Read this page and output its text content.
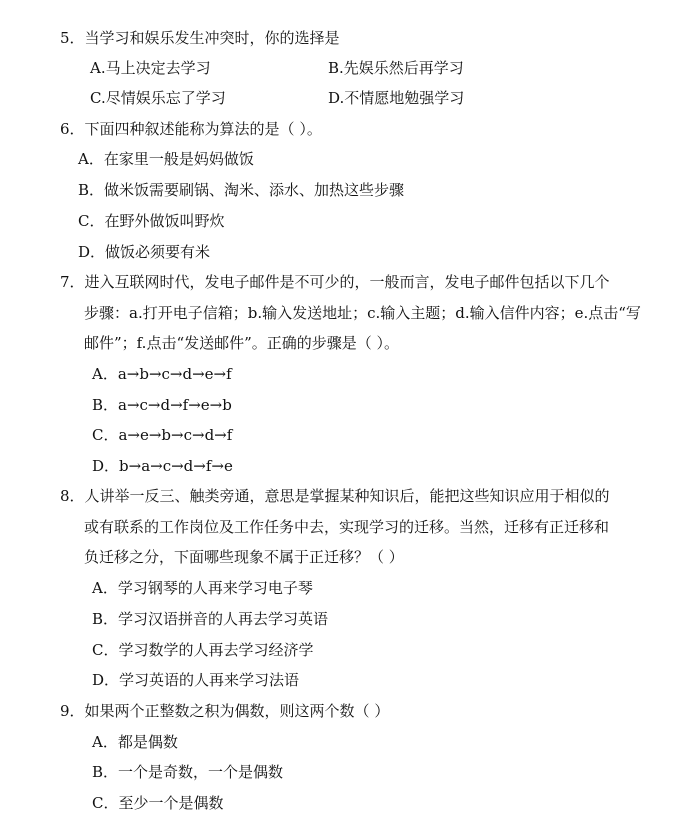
5．当学习和娱乐发生冲突时，你的选择是
A.马上决定去学习	B.先娱乐然后再学习
C.尽情娱乐忘了学习	D.不情愿地勉强学习
6．下面四种叙述能称为算法的是（ ）。
A．在家里一般是妈妈做饭
B．做米饭需要刷锅、淘米、添水、加热这些步骤
C．在野外做饭叫野炊
D．做饭必须要有米
7．进入互联网时代，发电子邮件是不可少的，一般而言，发电子邮件包括以下几个
步骤：a.打开电子信箱；b.输入发送地址；c.输入主题；d.输入信件内容；e.点击“写
邮件”；f.点击“发送邮件”。正确的步骤是（ ）。
A．a→b→c→d→e→f
B．a→c→d→f→e→b
C．a→e→b→c→d→f
D．b→a→c→d→f→e
8．人讲举一反三、触类旁通，意思是掌握某种知识后，能把这些知识应用于相似的
或有联系的工作岗位及工作任务中去，实现学习的迁移。当然，迁移有正迁移和
负迁移之分，下面哪些现象不属于正迁移？（ ）
A．学习钢琴的人再来学习电子琴
B．学习汉语拼音的人再去学习英语
C．学习数学的人再去学习经济学
D．学习英语的人再来学习法语
9．如果两个正整数之积为偶数，则这两个数（ ）
A．都是偶数
B．一个是奇数，一个是偶数
C．至少一个是偶数
